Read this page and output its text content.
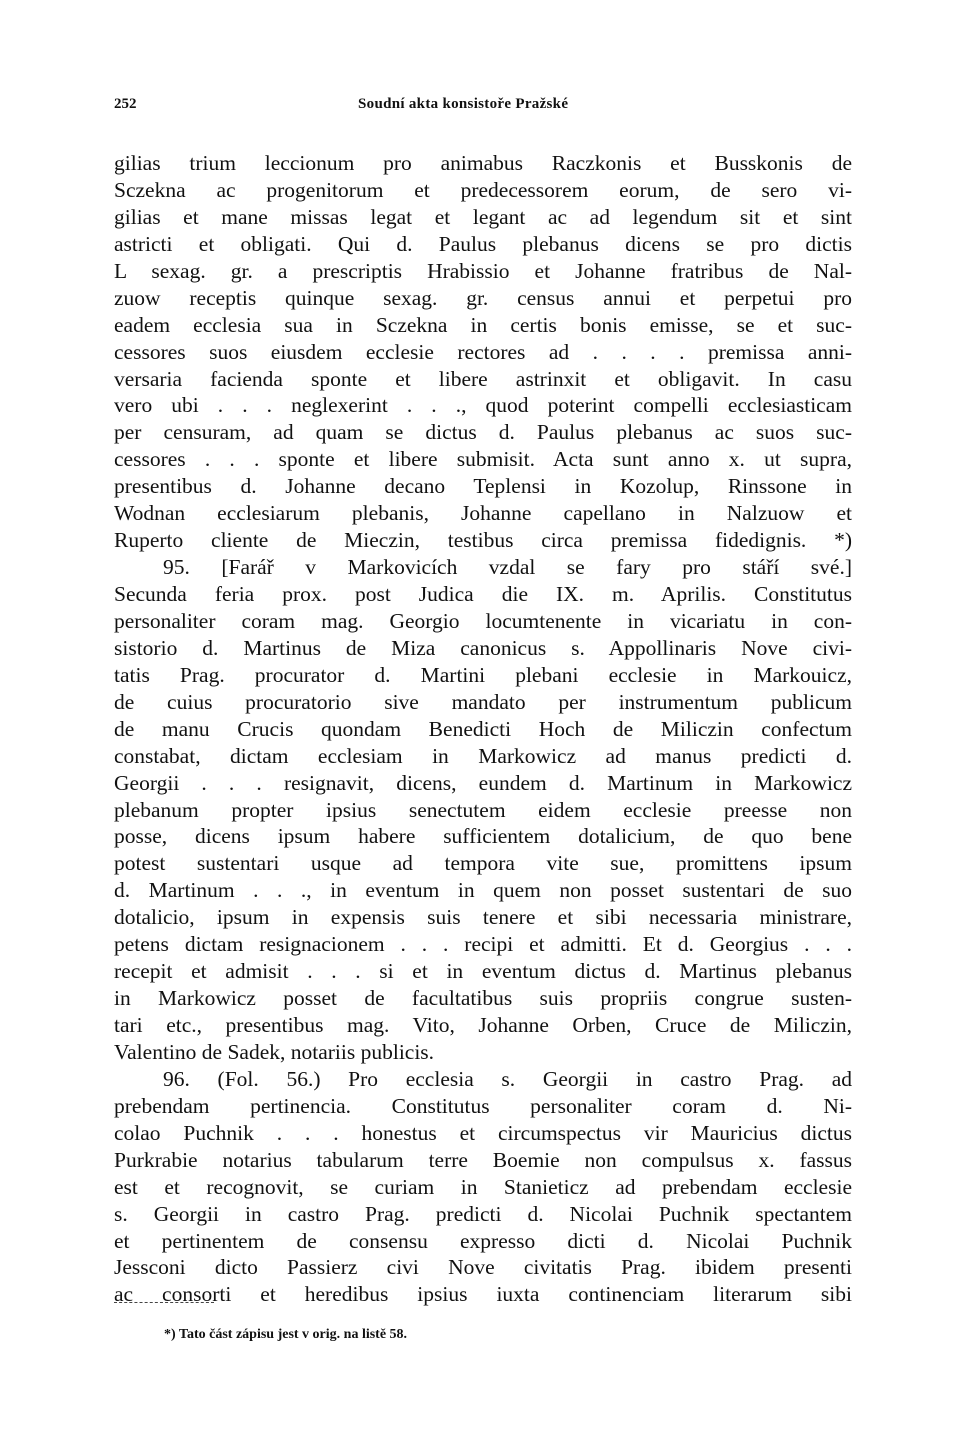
252	Soudní akta konsistoře Pražské
gilias trium leccionum pro animabus Raczkonis et Busskonis de
Sczekna ac progenitorum et predecessorem eorum, de sero vi-
gilias et mane missas legat et legant ac ad legendum sit et sint
astricti et obligati. Qui d. Paulus plebanus dicens se pro dictis
L sexag. gr. a prescriptis Hrabissio et Johanne fratribus de Nal-
zuow receptis quinque sexag. gr. census annui et perpetui pro
eadem ecclesia sua in Sczekna in certis bonis emisse, se et suc-
cessores suos eiusdem ecclesie rectores ad . . . . premissa anni-
versaria facienda sponte et libere astrinxit et obligavit. In casu
vero ubi . . . neglexerint . . ., quod poterint compelli ecclesiasticam
per censuram, ad quam se dictus d. Paulus plebanus ac suos suc-
cessores . . . sponte et libere submisit. Acta sunt anno x. ut supra,
presentibus d. Johanne decano Teplensi in Kozolup, Rinssone in
Wodnan ecclesiarum plebanis, Johanne capellano in Nalzuow et
Ruperto cliente de Mieczin, testibus circa premissa fidedignis. *)
95. [Farář v Markovicích vzdal se fary pro stáří své.]
Secunda feria prox. post Judica die IX. m. Aprilis. Constitutus
personaliter coram mag. Georgio locumtenente in vicariatu in con-
sistorio d. Martinus de Miza canonicus s. Appollinaris Nove civi-
tatis Prag. procurator d. Martini plebani ecclesie in Markouicz,
de cuius procuratorio sive mandato per instrumentum publicum
de manu Crucis quondam Benedicti Hoch de Miliczin confectum
constabat, dictam ecclesiam in Markowicz ad manus predicti d.
Georgii . . . resignavit, dicens, eundem d. Martinum in Markowicz
plebanum propter ipsius senectutem eidem ecclesie preesse non
posse, dicens ipsum habere sufficientem dotalicium, de quo bene
potest sustentari usque ad tempora vite sue, promittens ipsum
d. Martinum . . ., in eventum in quem non posset sustentari de suo
dotalicio, ipsum in expensis suis tenere et sibi necessaria ministrare,
petens dictam resignacionem . . . recipi et admitti. Et d. Georgius . . .
recepit et admisit . . . si et in eventum dictus d. Martinus plebanus
in Markowicz posset de facultatibus suis propriis congrue susten-
tari etc., presentibus mag. Vito, Johanne Orben, Cruce de Miliczin,
Valentino de Sadek, notariis publicis.
96. (Fol. 56.) Pro ecclesia s. Georgii in castro Prag. ad
prebendam pertinencia. Constitutus personaliter coram d. Ni-
colao Puchnik . . . honestus et circumspectus vir Mauricius dictus
Purkrabie notarius tabularum terre Boemie non compulsus x. fassus
est et recognovit, se curiam in Stanieticz ad prebendam ecclesie
s. Georgii in castro Prag. predicti d. Nicolai Puchnik spectantem
et pertinentem de consensu expresso dicti d. Nicolai Puchnik
Jessconi dicto Passierz civi Nove civitatis Prag. ibidem presenti
ac consorti et heredibus ipsius iuxta continenciam literarum sibi
*) Tato část zápisu jest v orig. na listě 58.
